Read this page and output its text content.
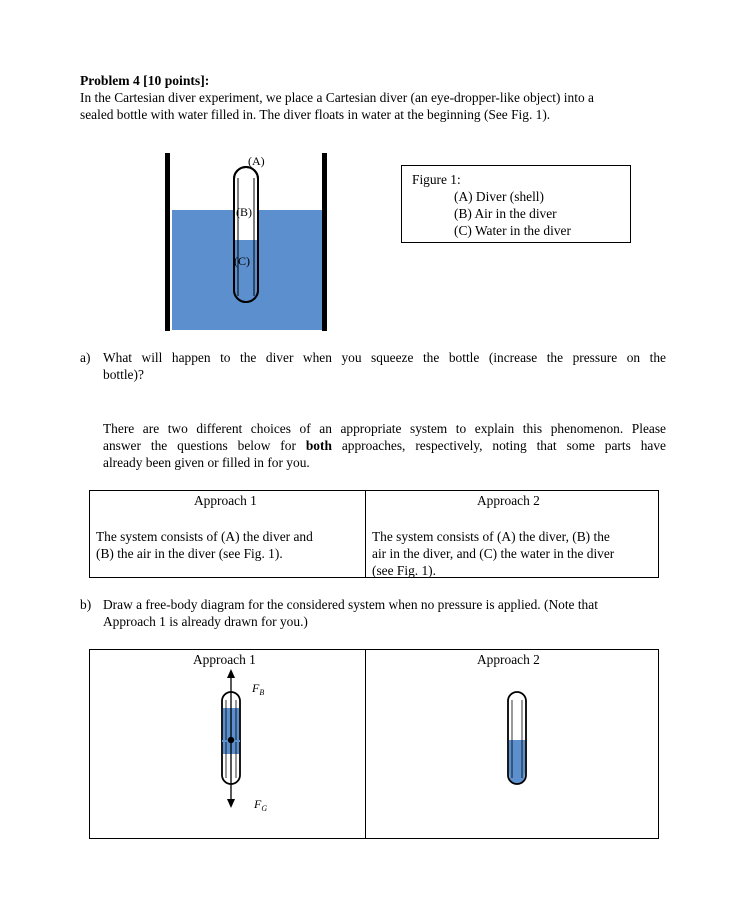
Problem 4 [10 points]:
In the Cartesian diver experiment, we place a Cartesian diver (an eye-dropper-like object) into a
sealed bottle with water filled in. The diver floats in water at the beginning (See Fig. 1).
(A)
(B)
(C)
Figure 1:
(A) Diver (shell)
(B) Air in the diver
(C) Water in the diver
a) What will happen to the diver when you squeeze the bottle (increase the pressure on the
bottle)?
There are two different choices of an appropriate system to explain this phenomenon. Please
answer the questions below for both approaches, respectively, noting that some parts have
already been given or filled in for you.
Approach 1	Approach 2
The system consists of (A) the diver and
(B) the air in the diver (see Fig. 1).
The system consists of (A) the diver, (B) the
air in the diver, and (C) the water in the diver
(see Fig. 1).
b) Draw a free-body diagram for the considered system when no pressure is applied. (Note that
Approach 1 is already drawn for you.)
Approach 1	Approach 2
$F_B$
$F_G$
